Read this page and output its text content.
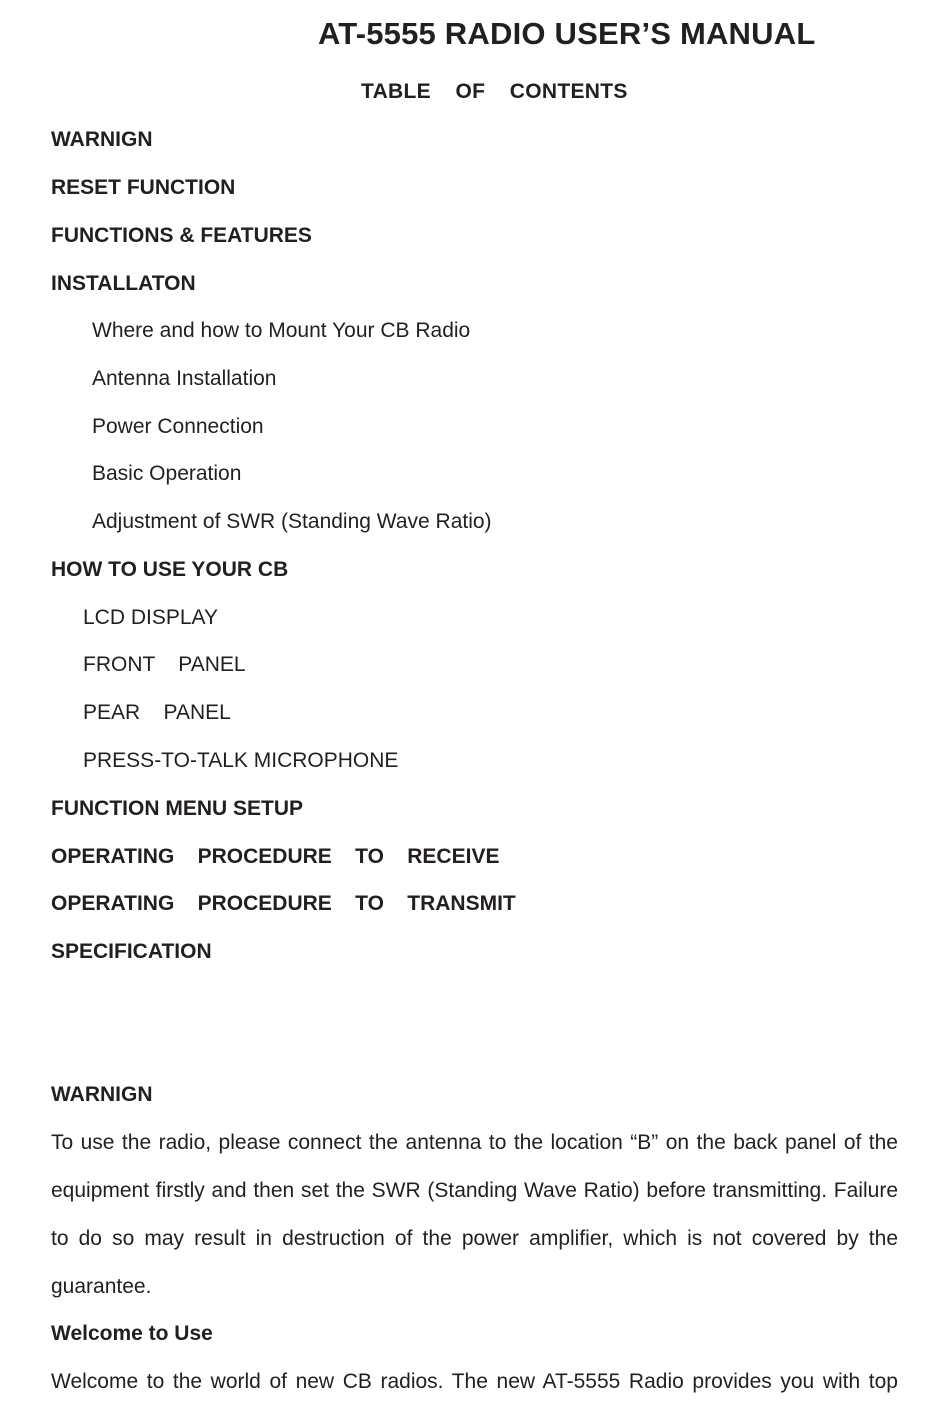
AT-5555 RADIO USER’S MANUAL
TABLE    OF    CONTENTS
WARNIGN
RESET FUNCTION
FUNCTIONS & FEATURES
INSTALLATON
Where and how to Mount Your CB Radio
Antenna Installation
Power Connection
Basic Operation
Adjustment of SWR (Standing Wave Ratio)
HOW TO USE YOUR CB
LCD DISPLAY
FRONT    PANEL
PEAR    PANEL
PRESS-TO-TALK MICROPHONE
FUNCTION MENU SETUP
OPERATING    PROCEDURE    TO    RECEIVE
OPERATING    PROCEDURE    TO    TRANSMIT
SPECIFICATION
WARNIGN
To use the radio, please connect the antenna to the location “B” on the back panel of the equipment firstly and then set the SWR (Standing Wave Ratio) before transmitting. Failure to do so may result in destruction of the power amplifier, which is not covered by the guarantee.
Welcome to Use
Welcome to the world of new CB radios. The new AT-5555 Radio provides you with top
